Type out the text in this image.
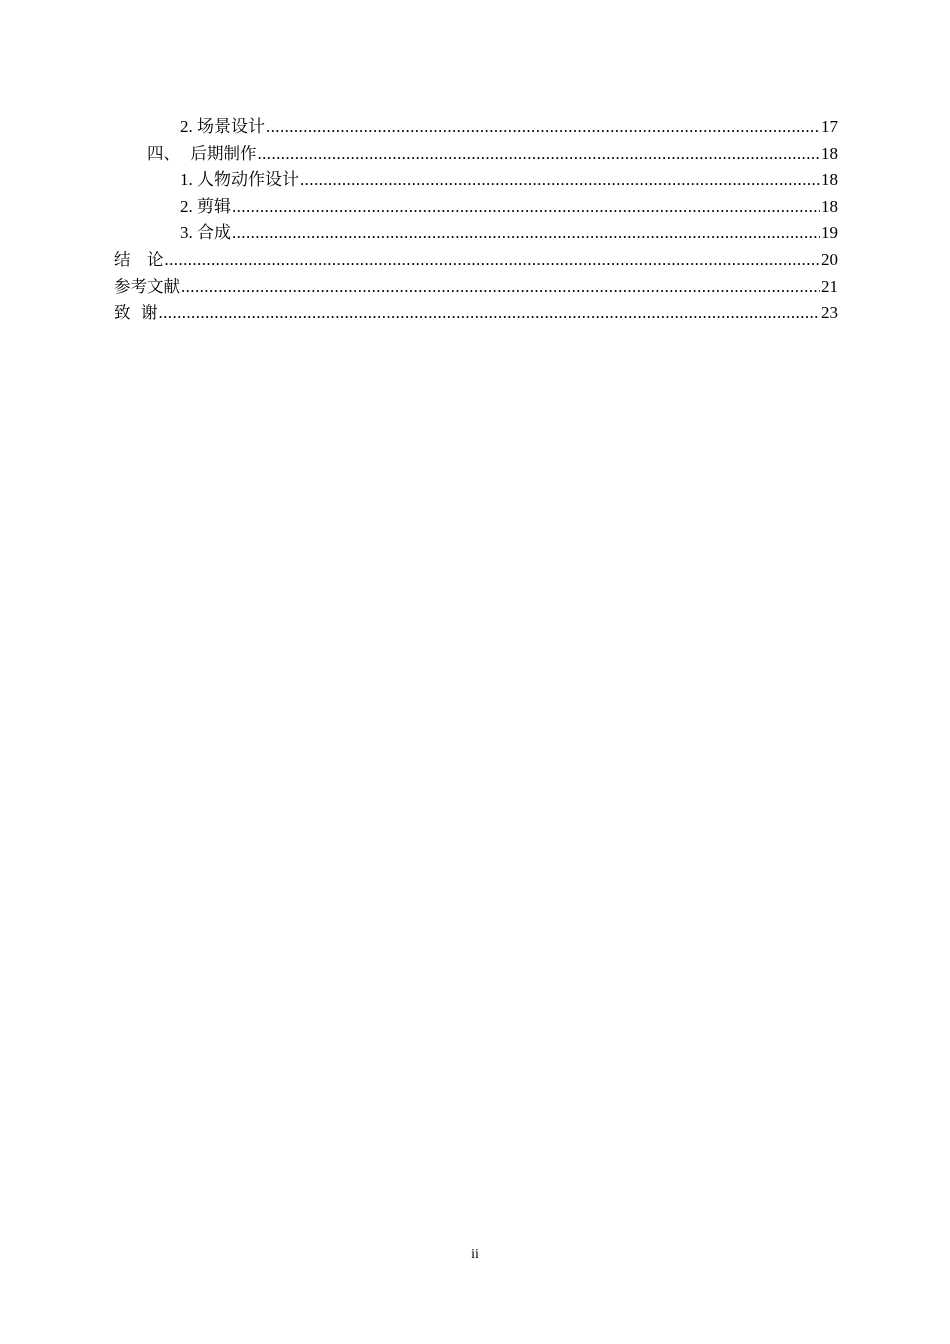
2. 场景设计 .....	17
四、  后期制作 .....	18
1. 人物动作设计 .....	18
2. 剪辑 .....	18
3. 合成 .....	19
结　论 .....	20
参考文献 .....	21
致  谢 .....	23
ii
